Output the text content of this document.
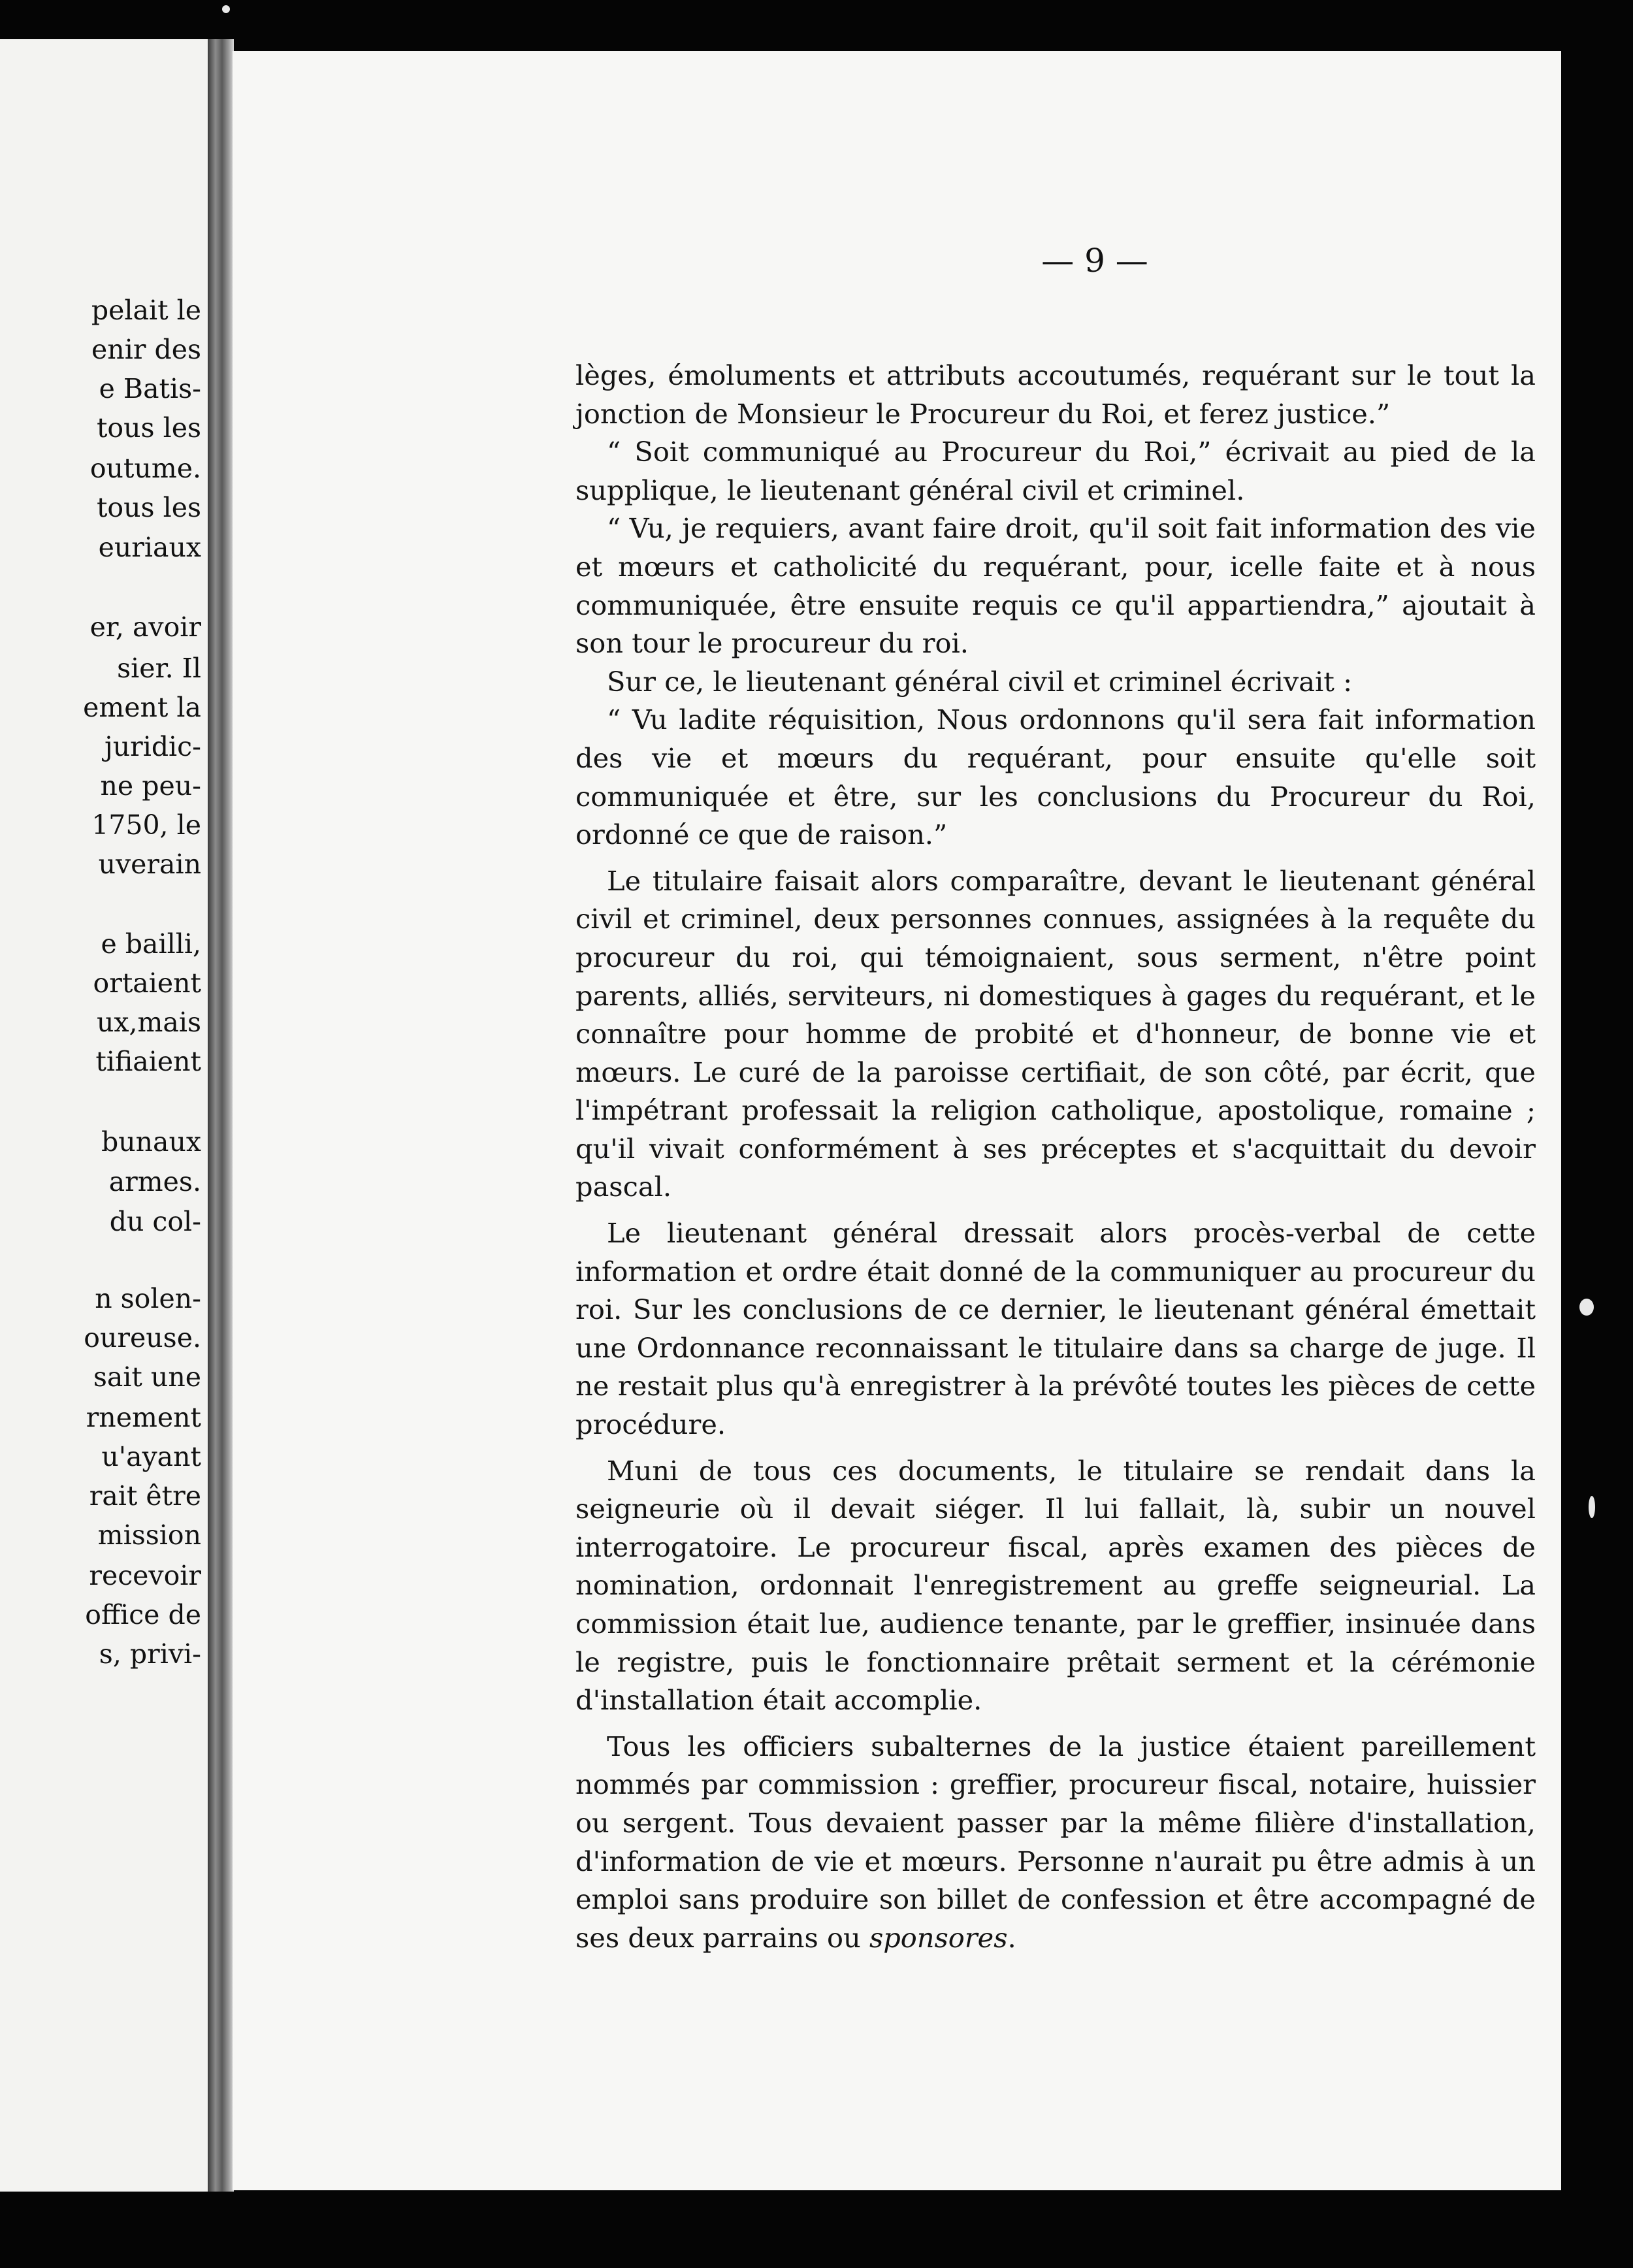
pelait le
enir des
e Batis-
tous les
outume.
tous les
euriaux
er, avoir
sier. Il
ement la
juridic-
ne peu-
1750, le
uverain
e bailli,
ortaient
ux,mais
tifiaient
bunaux
armes.
du col-
n solen-
oureuse.
sait une
rnement
u'ayant
rait être
mission
recevoir
office de
s, privi-
— 9 —

lèges, émoluments et attributs accoutumés, requérant sur le tout la jonction de Monsieur le Procureur du Roi, et ferez justice.”

“ Soit communiqué au Procureur du Roi,” écrivait au pied de la supplique, le lieutenant général civil et criminel.

“ Vu, je requiers, avant faire droit, qu'il soit fait information des vie et mœurs et catholicité du requérant, pour, icelle faite et à nous communiquée, être ensuite requis ce qu'il appartiendra,” ajoutait à son tour le procureur du roi.

Sur ce, le lieutenant général civil et criminel écrivait :

“ Vu ladite réquisition, Nous ordonnons qu'il sera fait information des vie et mœurs du requérant, pour ensuite qu'elle soit communiquée et être, sur les conclusions du Procureur du Roi, ordonné ce que de raison.”

Le titulaire faisait alors comparaître, devant le lieutenant général civil et criminel, deux personnes connues, assignées à la requête du procureur du roi, qui témoignaient, sous serment, n'être point parents, alliés, serviteurs, ni domestiques à gages du requérant, et le connaître pour homme de probité et d'honneur, de bonne vie et mœurs. Le curé de la paroisse certifiait, de son côté, par écrit, que l'impétrant professait la religion catholique, apostolique, romaine ; qu'il vivait conformément à ses préceptes et s'acquittait du devoir pascal.

Le lieutenant général dressait alors procès-verbal de cette information et ordre était donné de la communiquer au procureur du roi. Sur les conclusions de ce dernier, le lieutenant général émettait une Ordonnance reconnaissant le titulaire dans sa charge de juge. Il ne restait plus qu'à enregistrer à la prévôté toutes les pièces de cette procédure.

Muni de tous ces documents, le titulaire se rendait dans la seigneurie où il devait siéger. Il lui fallait, là, subir un nouvel interrogatoire. Le procureur fiscal, après examen des pièces de nomination, ordonnait l'enregistrement au greffe seigneurial. La commission était lue, audience tenante, par le greffier, insinuée dans le registre, puis le fonctionnaire prêtait serment et la cérémonie d'installation était accomplie.

Tous les officiers subalternes de la justice étaient pareillement nommés par commission : greffier, procureur fiscal, notaire, huissier ou sergent. Tous devaient passer par la même filière d'installation, d'information de vie et mœurs. Personne n'aurait pu être admis à un emploi sans produire son billet de confession et être accompagné de ses deux parrains ou sponsores.
